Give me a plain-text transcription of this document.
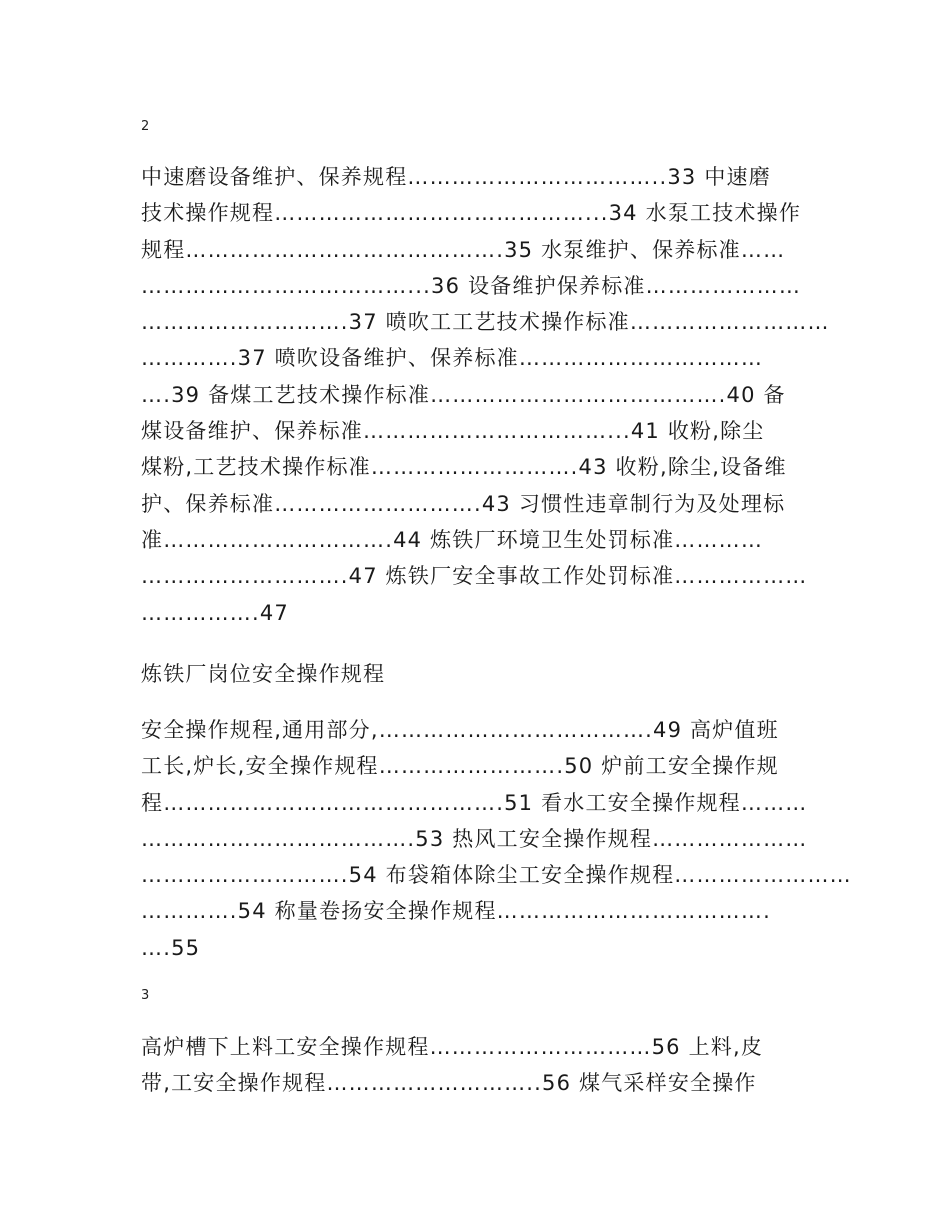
2
中速磨设备维护、保养规程……………………………..33 中速磨
技术操作规程……………………………………...34 水泵工技术操作
规程…………………………………….35 水泵维护、保养标准……
………………………………...36 设备维护保养标准…………………
……………………….37 喷吹工工艺技术操作标准………………………
………….37 喷吹设备维护、保养标准……………………………
….39 备煤工艺技术操作标准………………………………….40 备
煤设备维护、保养标准……………………………...41 收粉,除尘
煤粉,工艺技术操作标准……………………….43 收粉,除尘,设备维
护、保养标准……………………….43 习惯性违章制行为及处理标
准………………………….44 炼铁厂环境卫生处罚标准…………
……………………….47 炼铁厂安全事故工作处罚标准………………
…………….47
炼铁厂岗位安全操作规程
安全操作规程,通用部分,……………………………….49 高炉值班
工长,炉长,安全操作规程…………………….50 炉前工安全操作规
程……………………………………….51 看水工安全操作规程………
……………………………….53 热风工安全操作规程…………………
……………………….54 布袋箱体除尘工安全操作规程……………………
………….54 称量卷扬安全操作规程……………………………….
….55
3
高炉槽下上料工安全操作规程…………………………56 上料,皮
带,工安全操作规程………………………..56 煤气采样安全操作
